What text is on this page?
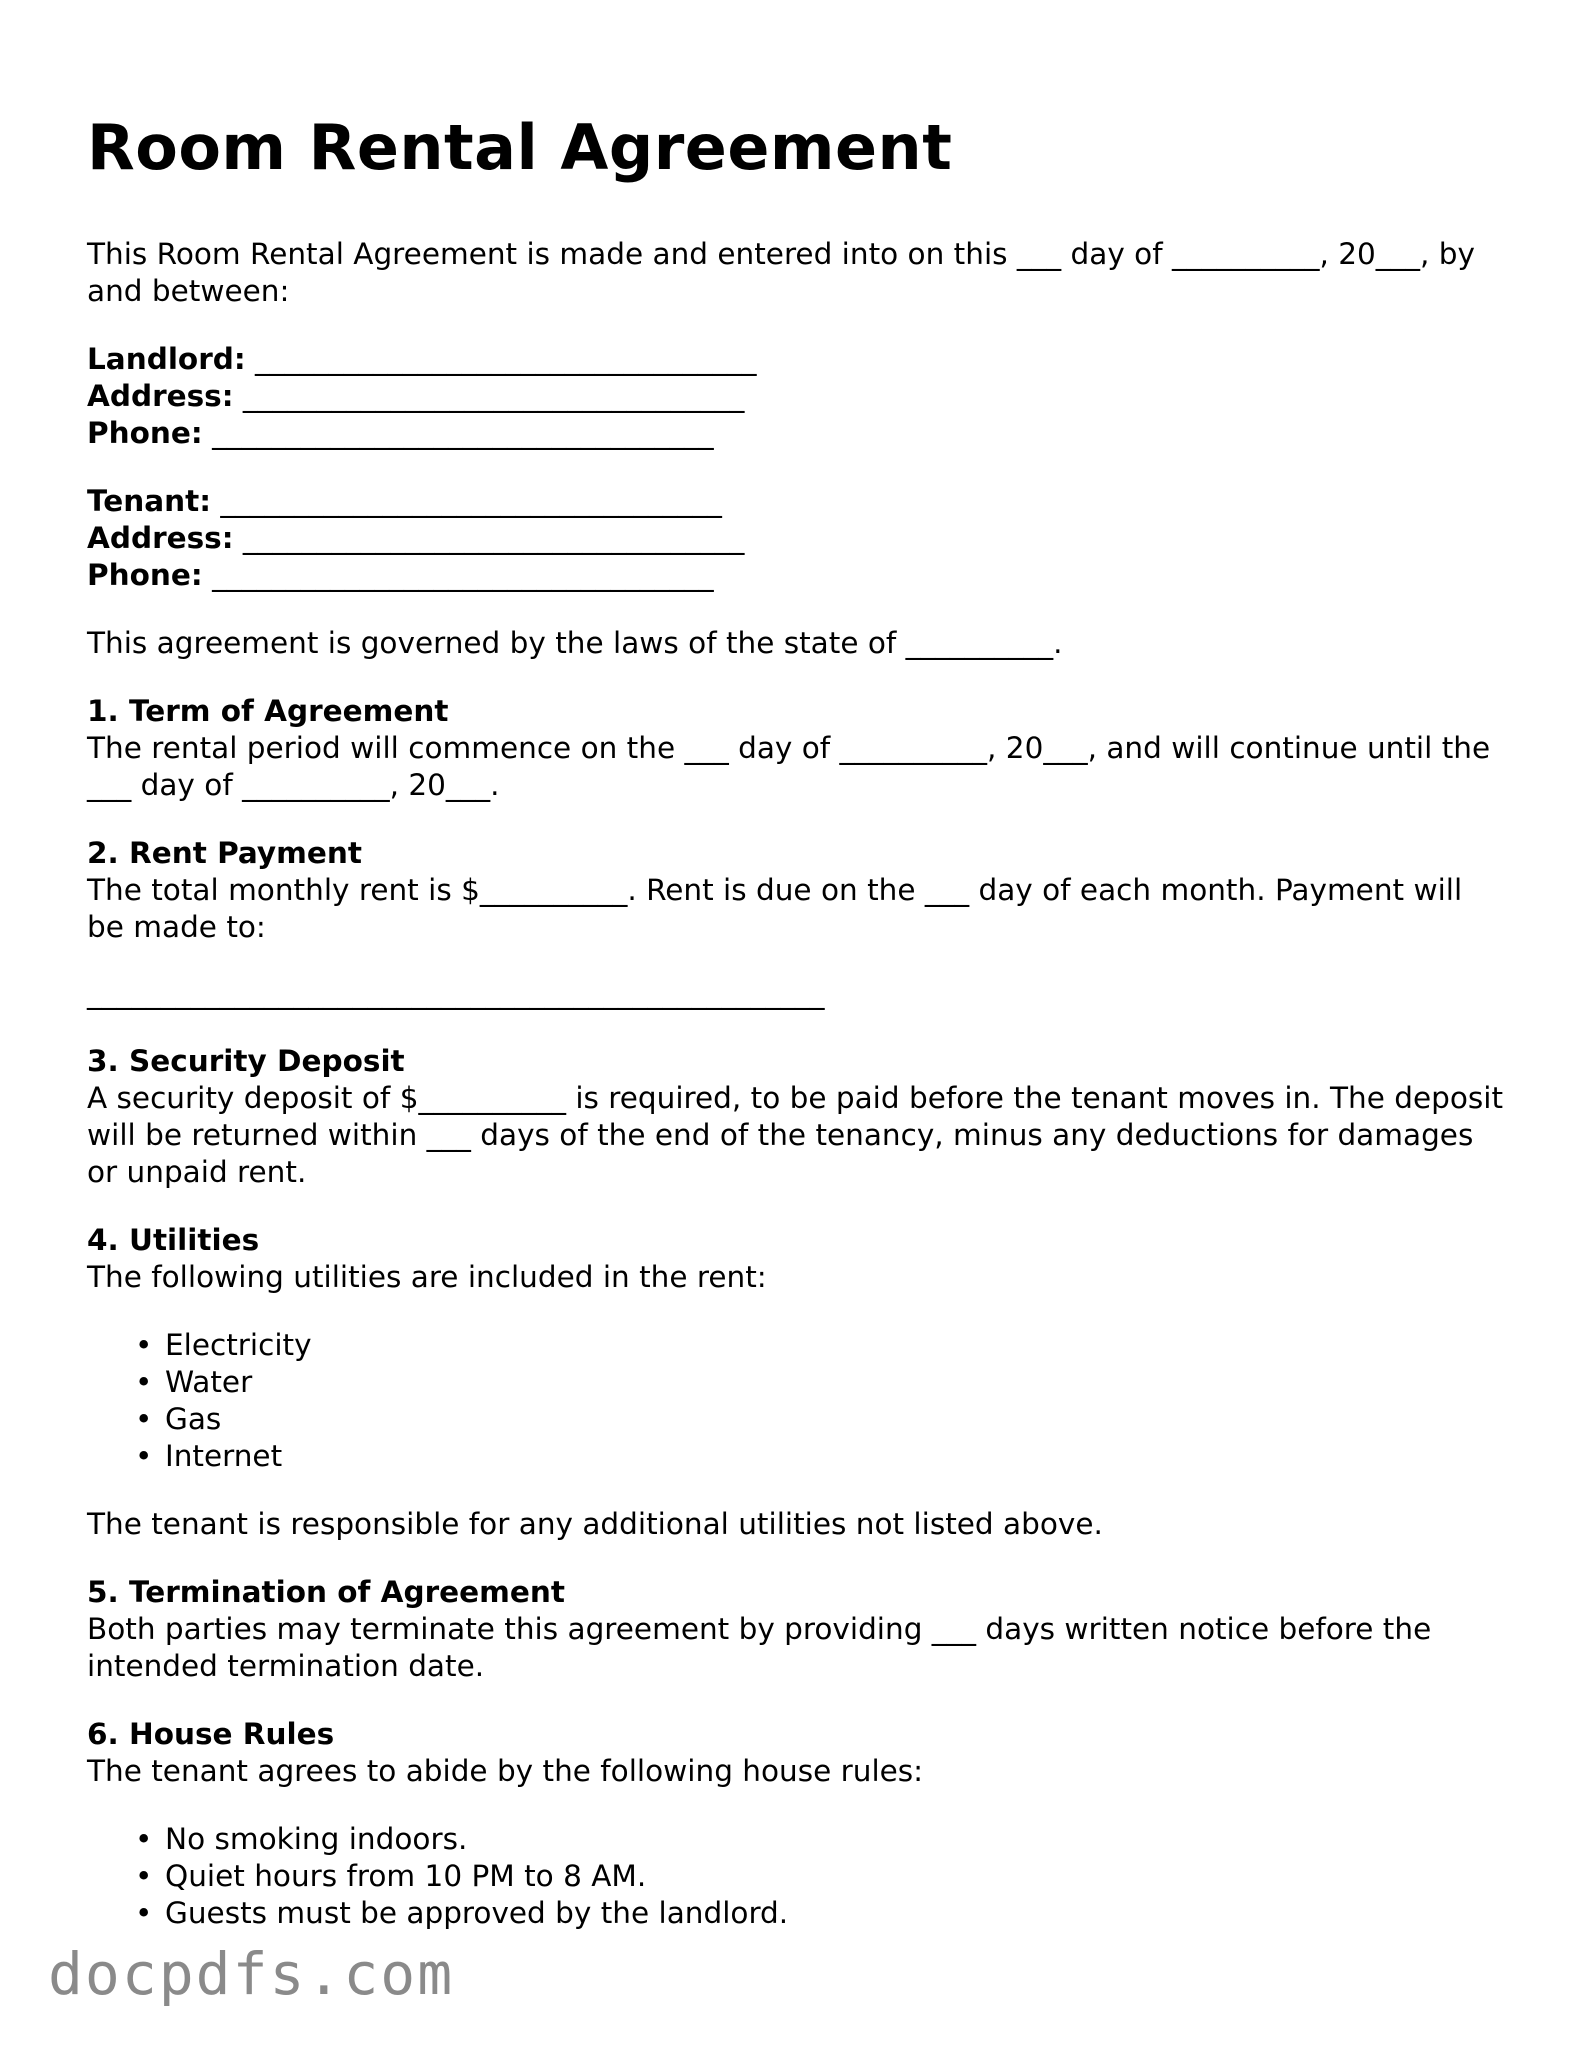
Room Rental Agreement

This Room Rental Agreement is made and entered into on this ___ day of __________, 20___, by and between:

Landlord: __________________________________
Address: __________________________________
Phone: __________________________________
Tenant: __________________________________
Address: __________________________________
Phone: __________________________________

This agreement is governed by the laws of the state of __________.

1. Term of Agreement
The rental period will commence on the ___ day of __________, 20___, and will continue until the ___ day of __________, 20___.
2. Rent Payment
The total monthly rent is $__________. Rent is due on the ___ day of each month. Payment will be made to:
__________________________________________________
3. Security Deposit
A security deposit of $__________ is required, to be paid before the tenant moves in. The deposit will be returned within ___ days of the end of the tenancy, minus any deductions for damages or unpaid rent.
4. Utilities
The following utilities are included in the rent:
• Electricity
• Water
• Gas
• Internet

The tenant is responsible for any additional utilities not listed above.

5. Termination of Agreement
Both parties may terminate this agreement by providing ___ days written notice before the intended termination date.
6. House Rules
The tenant agrees to abide by the following house rules:
• No smoking indoors.
• Quiet hours from 10 PM to 8 AM.
• Guests must be approved by the landlord.
docpdfs.com
